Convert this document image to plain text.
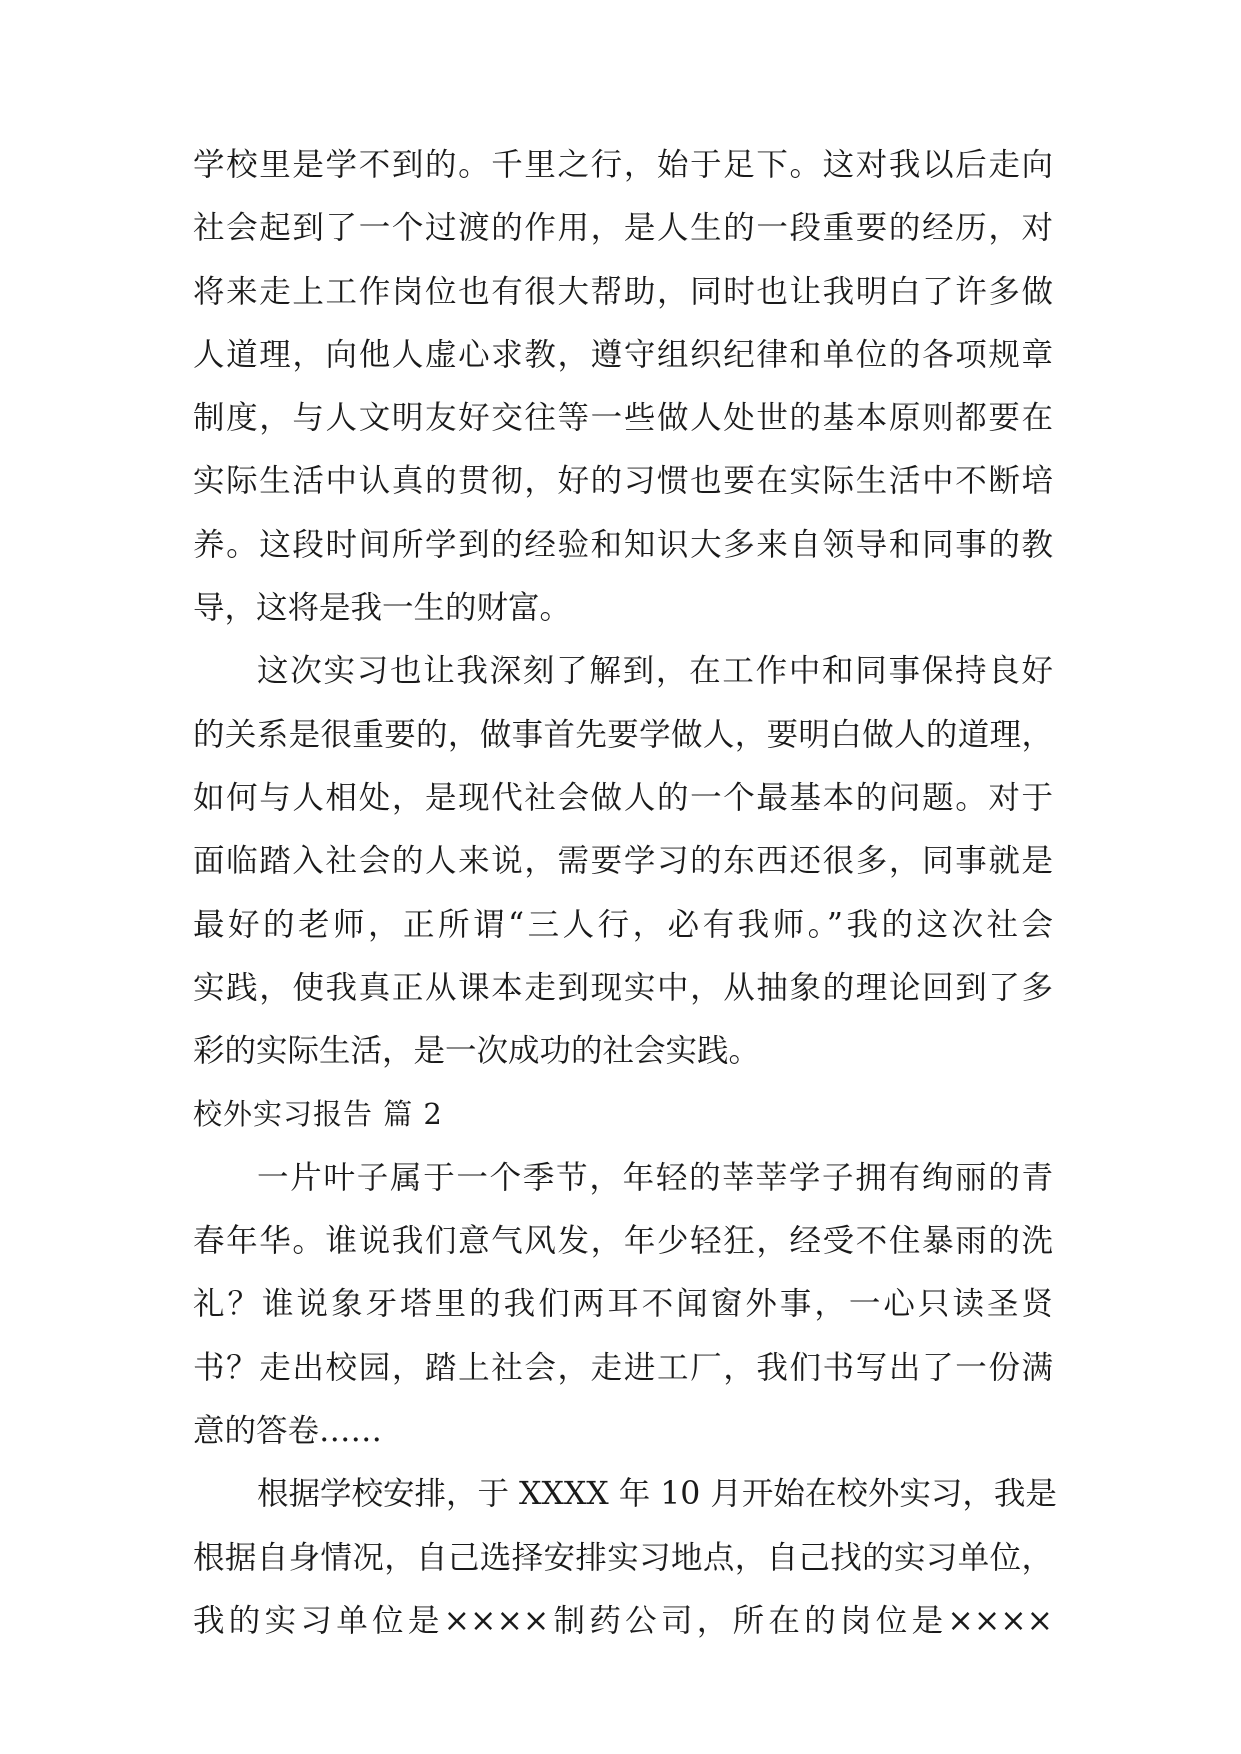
学校里是学不到的。千里之行，始于足下。这对我以后走向
社会起到了一个过渡的作用，是人生的一段重要的经历，对
将来走上工作岗位也有很大帮助，同时也让我明白了许多做
人道理，向他人虚心求教，遵守组织纪律和单位的各项规章
制度，与人文明友好交往等一些做人处世的基本原则都要在
实际生活中认真的贯彻，好的习惯也要在实际生活中不断培
养。这段时间所学到的经验和知识大多来自领导和同事的教
导，这将是我一生的财富。
这次实习也让我深刻了解到，在工作中和同事保持良好
的关系是很重要的，做事首先要学做人，要明白做人的道理，
如何与人相处，是现代社会做人的一个最基本的问题。对于
面临踏入社会的人来说，需要学习的东西还很多，同事就是
最好的老师，正所谓“三人行，必有我师。”我的这次社会
实践，使我真正从课本走到现实中，从抽象的理论回到了多
彩的实际生活，是一次成功的社会实践。
校外实习报告 篇 2
一片叶子属于一个季节，年轻的莘莘学子拥有绚丽的青
春年华。谁说我们意气风发，年少轻狂，经受不住暴雨的洗
礼？谁说象牙塔里的我们两耳不闻窗外事，一心只读圣贤
书？走出校园，踏上社会，走进工厂，我们书写出了一份满
意的答卷……
根据学校安排，于 XXXX 年 10 月开始在校外实习，我是
根据自身情况，自己选择安排实习地点，自己找的实习单位，
我的实习单位是××××制药公司，所在的岗位是××××
